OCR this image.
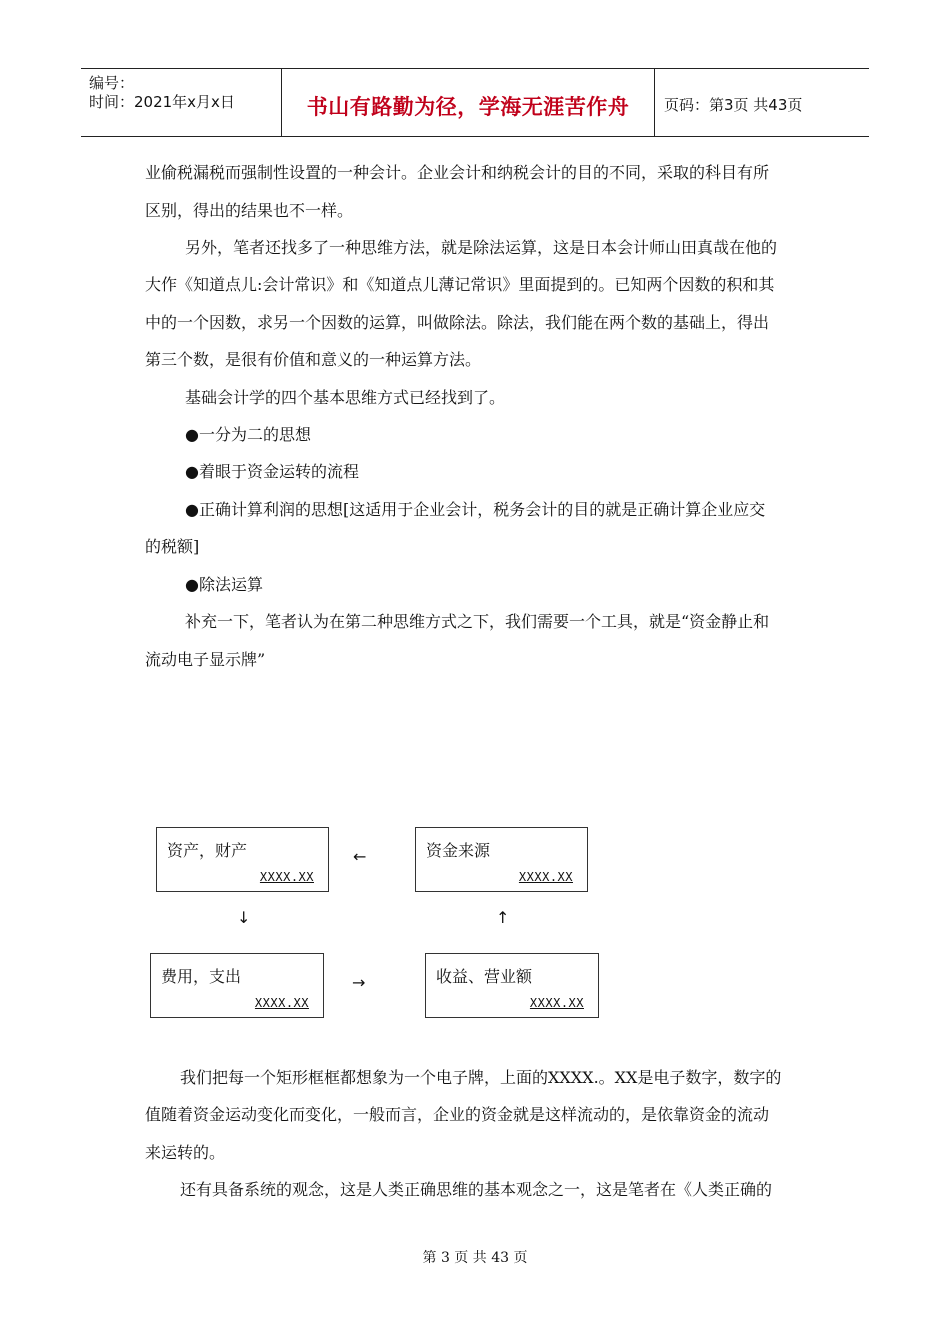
编号：
时间：2021年x月x日	书山有路勤为径，学海无涯苦作舟	页码：第3页 共43页
业偷税漏税而强制性设置的一种会计。企业会计和纳税会计的目的不同，采取的科目有所
区别，得出的结果也不一样。
另外，笔者还找多了一种思维方法，就是除法运算，这是日本会计师山田真哉在他的
大作《知道点儿:会计常识》和《知道点儿薄记常识》里面提到的。已知两个因数的积和其
中的一个因数，求另一个因数的运算，叫做除法。除法，我们能在两个数的基础上，得出
第三个数，是很有价值和意义的一种运算方法。
基础会计学的四个基本思维方式已经找到了。
●一分为二的思想
●着眼于资金运转的流程
●正确计算利润的思想[这适用于企业会计，税务会计的目的就是正确计算企业应交
的税额]
●除法运算
补充一下，笔者认为在第二种思维方式之下，我们需要一个工具，就是“资金静止和
流动电子显示牌”
资产，财产
XXXX.XX
资金来源
XXXX.XX
费用，支出
XXXX.XX
收益、营业额
XXXX.XX
←
↓	↑
→
我们把每一个矩形框框都想象为一个电子牌，上面的XXXX.。XX是电子数字，数字的
值随着资金运动变化而变化，一般而言，企业的资金就是这样流动的，是依靠资金的流动
来运转的。
还有具备系统的观念，这是人类正确思维的基本观念之一，这是笔者在《人类正确的
第 3 页 共 43 页
